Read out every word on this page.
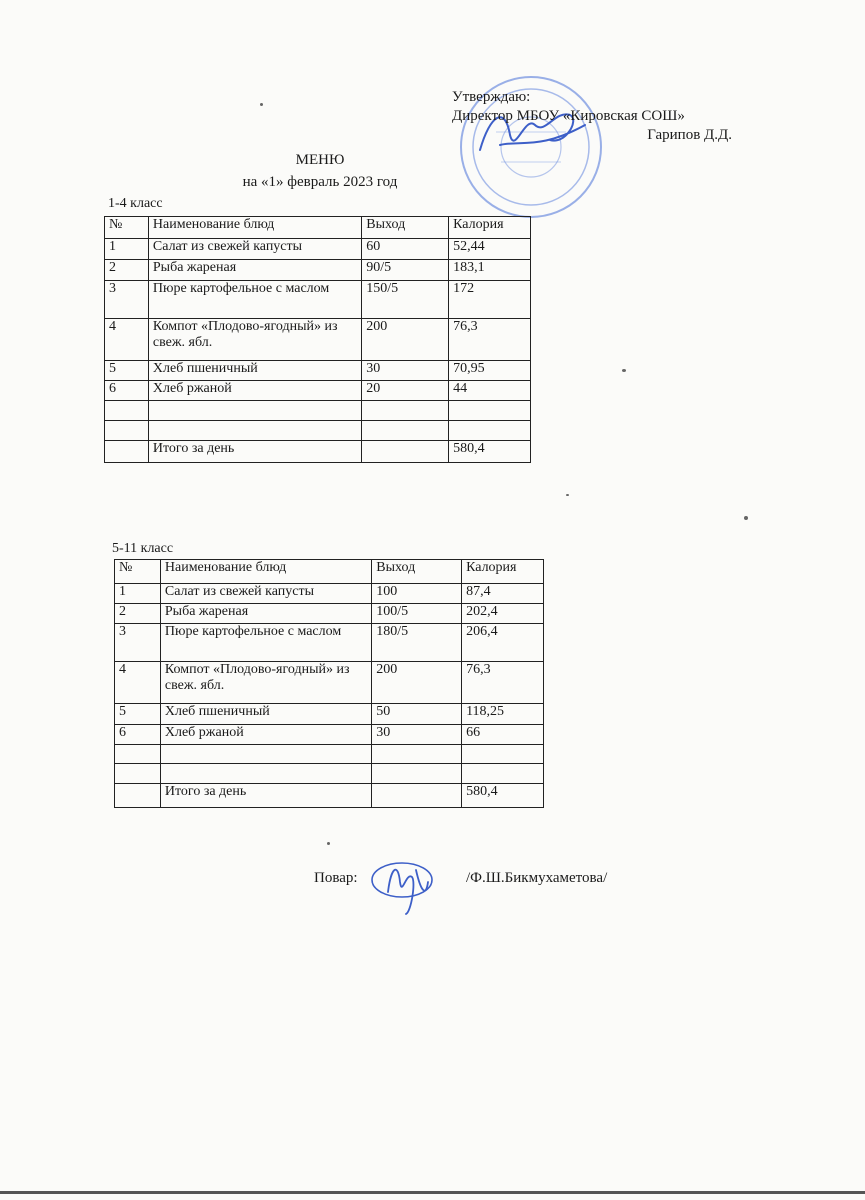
Утверждаю:
Директор МБОУ «Кировская СОШ»
Гарипов Д.Д.
МЕНЮ
на «1» февраль 2023 год
1-4 класс
№	Наименование блюд	Выход	Калория
1	Салат из свежей капусты	60	52,44
2	Рыба жареная	90/5	183,1
3	Пюре картофельное с маслом	150/5	172
4	Компот «Плодово-ягодный» из свеж. ябл.	200	76,3
5	Хлеб пшеничный	30	70,95
6	Хлеб ржаной	20	44

	Итого за день		580,4
5-11 класс
№	Наименование блюд	Выход	Калория
1	Салат из свежей капусты	100	87,4
2	Рыба жареная	100/5	202,4
3	Пюре картофельное с маслом	180/5	206,4
4	Компот «Плодово-ягодный» из свеж. ябл.	200	76,3
5	Хлеб пшеничный	50	118,25
6	Хлеб ржаной	30	66

	Итого за день		580,4
Повар:	/Ф.Ш.Бикмухаметова/
